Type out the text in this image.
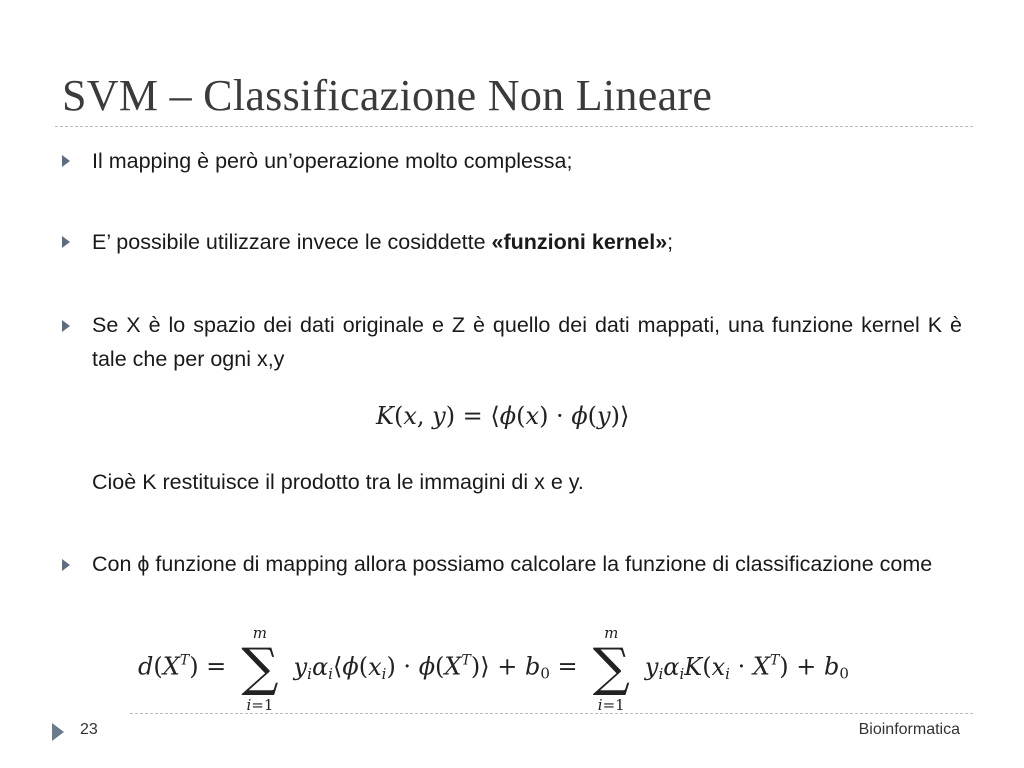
SVM – Classificazione Non Lineare
Il mapping è però un’operazione molto complessa;
E’ possibile utilizzare invece le cosiddette «funzioni kernel»;
Se X è lo spazio dei dati originale e Z è quello dei dati mappati, una funzione kernel K è tale che per ogni x,y
K(x, y) = ⟨ϕ(x) · ϕ(y)⟩
Cioè K restituisce il prodotto tra le immagini di x e y.
Con ϕ funzione di mapping allora possiamo calcolare la funzione di classificazione come
$d(X^T)$ =
m
∑
i=1
$y_i\alpha_i⟨\phi(x_i)$ · $\phi(X^T)⟩ + b_0$ =
m
∑
i=1
$y_i\alpha_iK(x_i \cdot X^T) + b_0$
23	Bioinformatica
